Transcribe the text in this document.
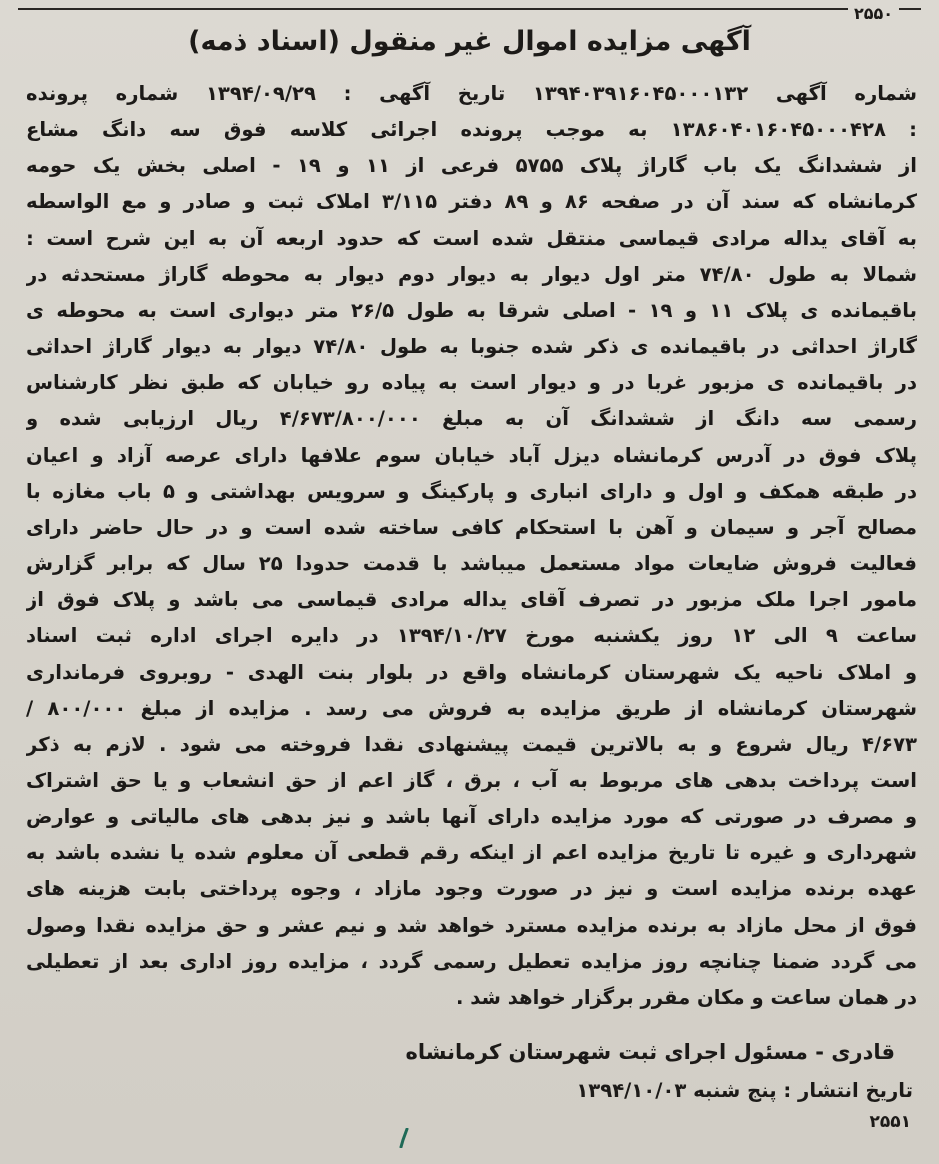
۲۵۵۰
آگهی مزایده اموال غیر منقول (اسناد ذمه)
شماره آگهی ۱۳۹۴۰۳۹۱۶۰۴۵۰۰۰۱۳۲ تاریخ آگهی : ۱۳۹۴/۰۹/۲۹ شماره پرونده
: ۱۳۸۶۰۴۰۱۶۰۴۵۰۰۰۴۲۸ به موجب پرونده اجرائی کلاسه فوق سه دانگ مشاع
از ششدانگ یک باب گاراژ پلاک ۵۷۵۵ فرعی از ۱۱ و ۱۹ - اصلی بخش یک حومه
کرمانشاه که سند آن در صفحه ۸۶ و ۸۹ دفتر ۳/۱۱۵ املاک ثبت و صادر و مع الواسطه
به آقای یداله مرادی قیماسی منتقل شده است که حدود اربعه آن به این شرح است :
شمالا به طول ۷۴/۸۰ متر اول دیوار به دیوار دوم دیوار به محوطه گاراژ مستحدثه در
باقیمانده ی پلاک ۱۱ و ۱۹ - اصلی شرقا به طول ۲۶/۵ متر دیواری است به محوطه ی
گاراژ احداثی در باقیمانده ی ذکر شده جنوبا به طول ۷۴/۸۰ دیوار به دیوار گاراژ احداثی
در باقیمانده ی مزبور غربا در و دیوار است به پیاده رو خیابان که طبق نظر کارشناس
رسمی سه دانگ از ششدانگ آن به مبلغ ۴/۶۷۳/۸۰۰/۰۰۰ ریال ارزیابی شده و
پلاک فوق در آدرس کرمانشاه دیزل آباد خیابان سوم علافها دارای عرصه آزاد و اعیان
در طبقه همکف و اول و دارای انباری و پارکینگ و سرویس بهداشتی و ۵ باب مغازه با
مصالح آجر و سیمان و آهن با استحکام کافی ساخته شده است و در حال حاضر دارای
فعالیت فروش ضایعات مواد مستعمل میباشد با قدمت حدودا ۲۵ سال که برابر گزارش
مامور اجرا ملک مزبور در تصرف آقای یداله مرادی قیماسی می باشد و پلاک فوق از
ساعت ۹ الی ۱۲ روز یکشنبه مورخ ۱۳۹۴/۱۰/۲۷ در دایره اجرای اداره ثبت اسناد
و املاک ناحیه یک شهرستان کرمانشاه واقع در بلوار بنت الهدی - روبروی فرمانداری
شهرستان کرمانشاه از طریق مزایده به فروش می رسد . مزایده از مبلغ ۸۰۰/۰۰۰ /
۴/۶۷۳ ریال شروع و به بالاترین قیمت پیشنهادی نقدا فروخته می شود . لازم به ذکر
است پرداخت بدهی های مربوط به آب ، برق ، گاز اعم از حق انشعاب و یا حق اشتراک
و مصرف در صورتی که مورد مزایده دارای آنها باشد و نیز بدهی های مالیاتی و عوارض
شهرداری و غیره تا تاریخ مزایده اعم از اینکه رقم قطعی آن معلوم شده یا نشده باشد به
عهده برنده مزایده است و نیز در صورت وجود مازاد ، وجوه پرداختی بابت هزینه های
فوق از محل مازاد به برنده مزایده مسترد خواهد شد و نیم عشر و حق مزایده نقدا وصول
می گردد ضمنا چنانچه روز مزایده تعطیل رسمی گردد ، مزایده روز اداری بعد از تعطیلی
در همان ساعت و مکان مقرر برگزار خواهد شد .
قادری - مسئول اجرای ثبت شهرستان کرمانشاه
تاریخ انتشار : پنج شنبه ۱۳۹۴/۱۰/۰۳
۲۵۵۱
